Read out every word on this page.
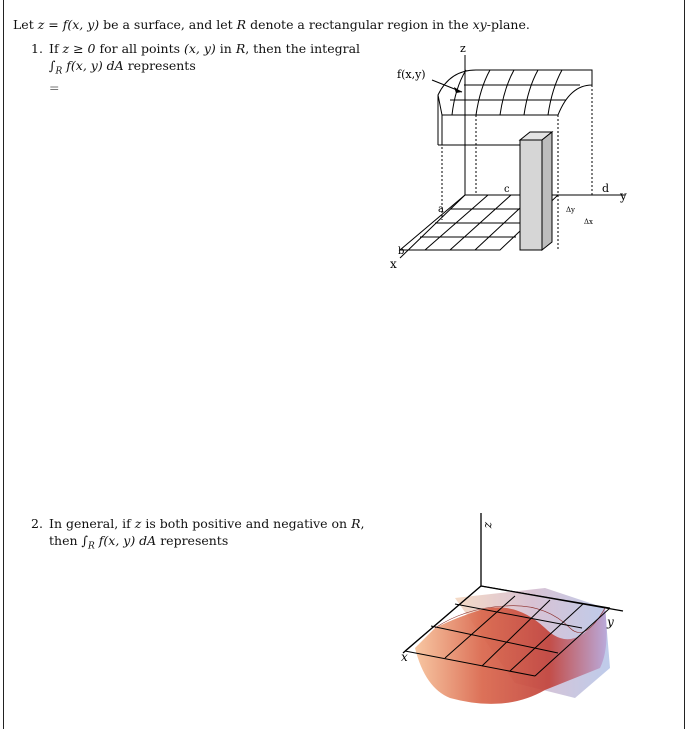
Let z = f(x, y) be a surface, and let R denote a rectangular region in the xy-plane.
1. If z ≥ 0 for all points (x, y) in R, then the integral
$\int_R$ f(x, y) dA represents
=
2. In general, if z is both positive and negative on R,
then $\int_R$ f(x, y) dA represents
z
f(x,y)
a
b
c	d
y
x
Δy
Δx
z
x
y
